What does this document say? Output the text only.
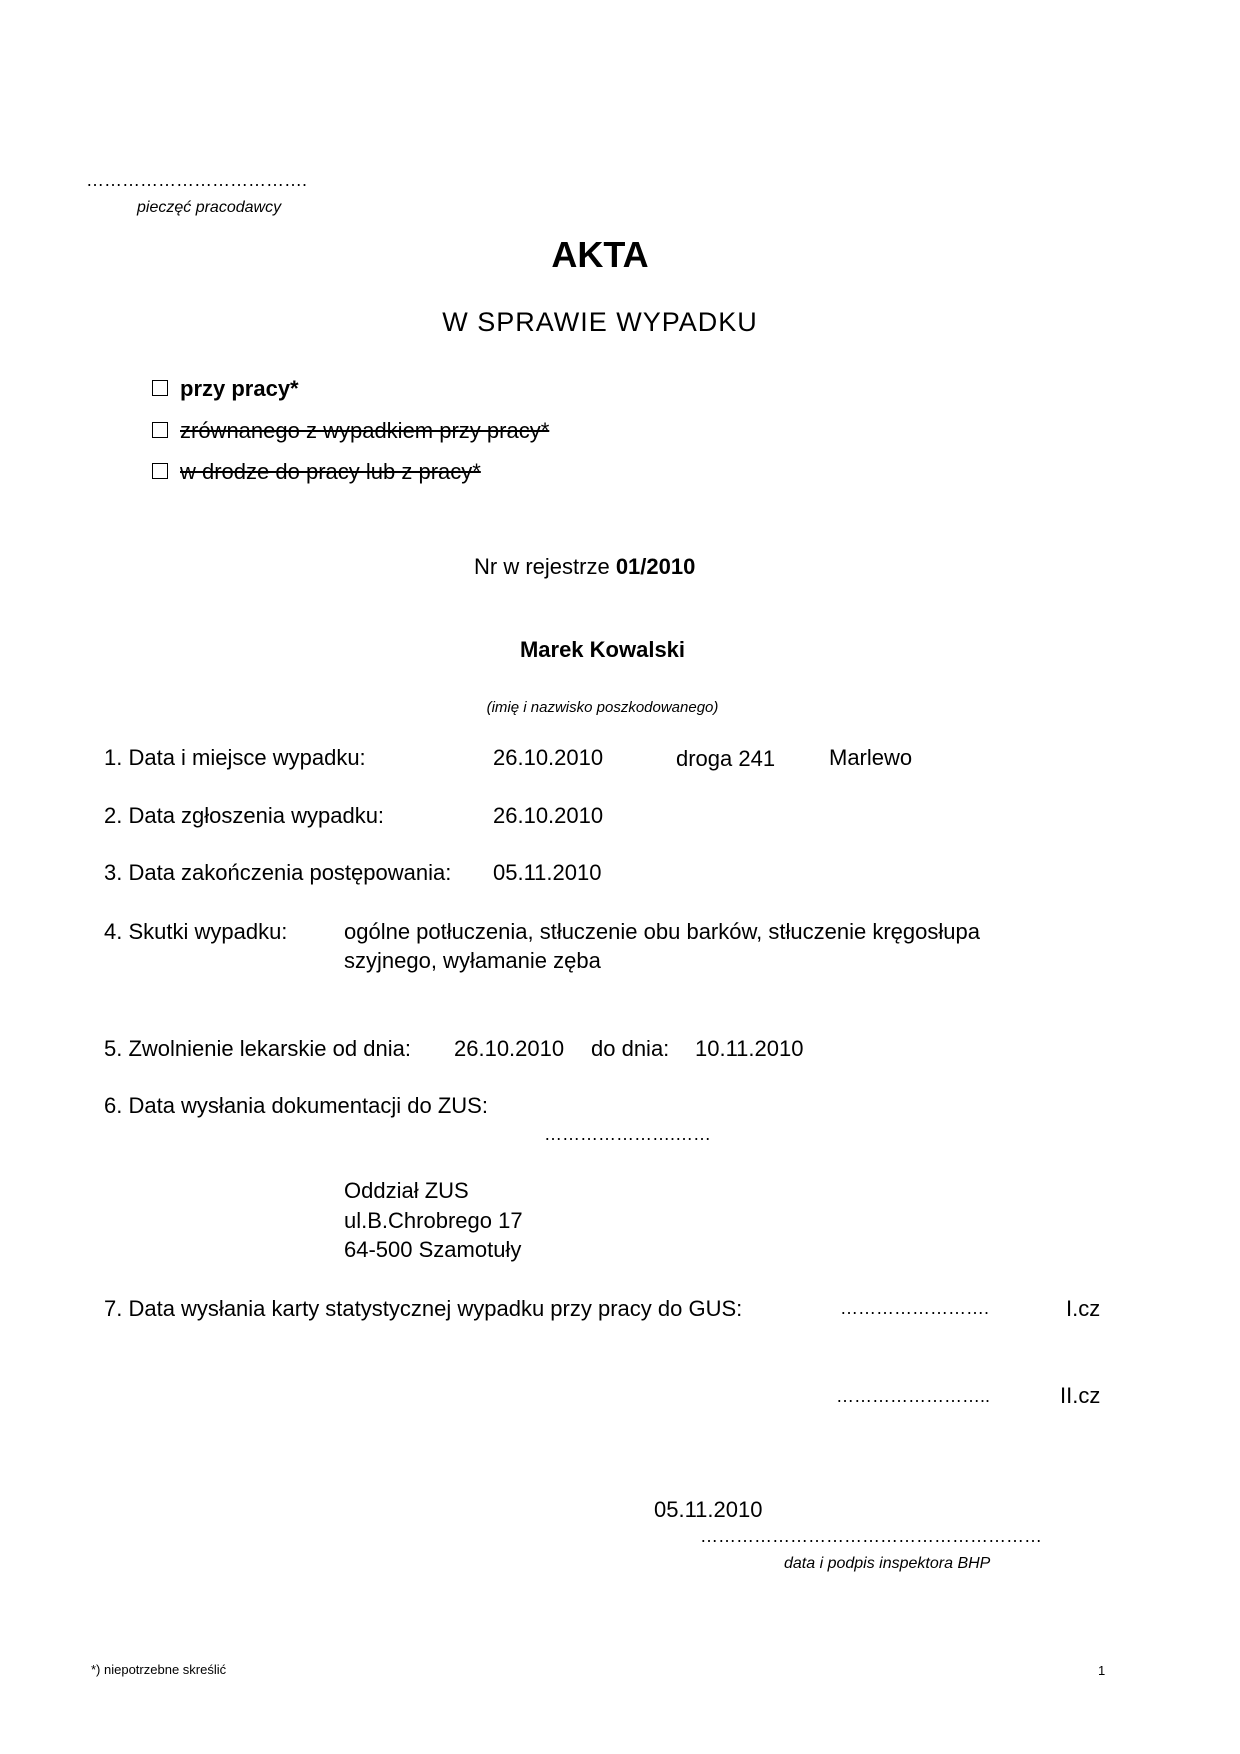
……………………………….
pieczęć pracodawcy
AKTA
W SPRAWIE WYPADKU
przy pracy*
zrównanego z wypadkiem przy pracy*
w drodze do pracy lub z pracy*
Nr w rejestrze 01/2010
Marek Kowalski
(imię i nazwisko poszkodowanego)
1. Data i miejsce wypadku:	26.10.2010	droga 241 Marlewo
2. Data zgłoszenia wypadku:	26.10.2010
3. Data zakończenia postępowania: 05.11.2010
4. Skutki wypadku:	ogólne potłuczenia, stłuczenie obu barków, stłuczenie kręgosłupa
szyjnego, wyłamanie zęba
5. Zwolnienie lekarskie od dnia: 26.10.2010 do dnia: 10.11.2010
6. Data wysłania dokumentacji do ZUS:
………………….……
Oddział ZUS
ul.B.Chrobrego 17
64-500 Szamotuły
7. Data wysłania karty statystycznej wypadku przy pracy do GUS:	…………………….	I.cz
……………………..	II.cz
05.11.2010
…………………………………………………
data i podpis inspektora BHP
*) niepotrzebne skreślić	1
